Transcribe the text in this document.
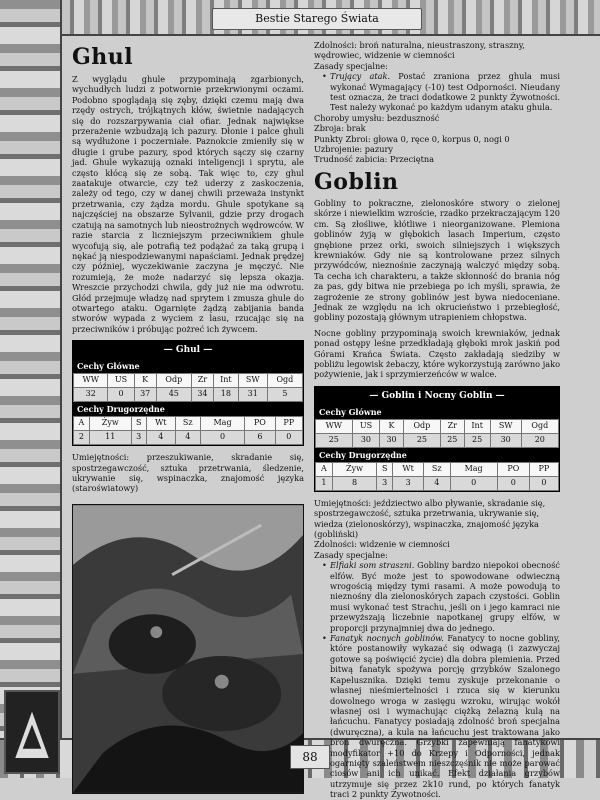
Bestie Starego Świata
Ghul

Z wyglądu ghule przypominają zgarbionych, wychudłych ludzi z potwornie przekrwionymi oczami. Podobno spoglądają się zęby, dzięki czemu mają dwa rzędy ostrych, trójkątnych kłów, świetnie nadających się do rozszarpywania ciał ofiar. Jednak najwiękse przerażenie wzbudzają ich pazury. Dłonie i palce ghuli są wydłużone i poczerniałe. Paznokcie zmieniły się w długie i grube pazury, spod których sączy się czarny jad. Ghule wykazują oznaki inteligencji i sprytu, ale często kłócą się ze sobą. Tak więc to, czy ghul zaatakuje otwarcie, czy też uderzy z zaskoczenia, zależy od tego, czy w danej chwili przeważa instynkt przetrwania, czy żądza mordu. Ghule spotykane są najczęściej na obszarze Sylvanii, gdzie przy drogach czatują na samotnych lub nieostrożnych wędrowców. W razie starcia z liczniejszym przeciwnikiem ghule wycofują się, ale potrafią też podążać za taką grupą i nękać ją niespodziewanymi napaściami. Jednak prędzej czy później, wyczekiwanie zaczyna je męczyć. Nie rozumieją, że może nadarzyć się lepsza okazja. Wreszcie przychodzi chwila, gdy już nie ma odwrotu. Głód przejmuje władzę nad sprytem i zmusza ghule do otwartego ataku. Ogarnięte żądzą zabijania banda stworów wypada z wyciem z lasu, rzucając się na przeciwników i próbując pożreć ich żywcem.

— Ghul —
Cechy Główne
WW	US	K	Odp	Zr	Int	SW	Ogd
32	0	37	45	34	18	31	5
Cechy Drugorzędne
A	Żyw	S	Wt	Sz	Mag	PO	PP
2	11	3	4	4	0	6	0

Umiejętności: przeszukiwanie, skradanie się, spostrzegawczość, sztuka przetrwania, śledzenie, ukrywanie się, wspinaczka, znajomość języka (staroświatowy)

Zdolności: broń naturalna, nieustraszony, straszny, wędrowiec, widzenie w ciemności
Zasady specjalne:
• Trujący atak. Postać zraniona przez ghula musi wykonać Wymagający (-10) test Odporności. Nieudany test oznacza, że traci dodatkowe 2 punkty Żywotności. Test należy wykonać po każdym udanym ataku ghula.
Choroby umysłu: bezduszność
Zbroja: brak
Punkty Zbroi: głowa 0, ręce 0, korpus 0, nogi 0
Uzbrojenie: pazury
Trudność zabicia: Przeciętna
Goblin

Gobliny to pokraczne, zielonoskóre stwory o zielonej skórze i niewielkim wzroście, rzadko przekraczającym 120 cm. Są złośliwe, kłótliwe i nieorganizowane. Plemiona goblinów żyją w głębokich lasach Imperium, często gnębione przez orki, swoich silniejszych i większych krewniaków. Gdy nie są kontrolowane przez silnych przywódców, nieznośnie zaczynają walczyć między sobą. Ta cecha ich charakteru, a także skłonność do brania nóg za pas, gdy bitwa nie przebiega po ich myśli, sprawia, że zagrożenie ze strony goblinów jest bywa niedoceniane. Jednak ze względu na ich okrucieństwo i przebiegłość, gobliny pozostają głównym utrapieniem chłopstwa.

Nocne gobliny przypominają swoich krewniaków, jednak ponad ostępy leśne przedkładają głęboki mrok jaskiń pod Górami Krańca Świata. Często zakładają siedziby w pobliżu legowisk żebaczy, które wykorzystują zarówno jako pożywienie, jak i sprzymierzeńców w walce.

— Goblin i Nocny Goblin —
Cechy Główne
WW	US	K	Odp	Zr	Int	SW	Ogd
25	30	30	25	25	25	30	20
Cechy Drugorzędne
A	Żyw	S	Wt	Sz	Mag	PO	PP
1	8	3	3	4	0	0	0
Umiejętności: jeździectwo albo pływanie, skradanie się, spostrzegawczość, sztuka przetrwania, ukrywanie się, wiedza (zielonoskórzy), wspinaczka, znajomość języka (gobliński)
Zdolności: widzenie w ciemności
Zasady specjalne:
• Elfiaki som straszni. Gobliny bardzo niepokoi obecność elfów. Być może jest to spowodowane odwieczną wrogością między tymi rasami. A może powodują to nieznośny dla zielonoskórych zapach czystości. Goblin musi wykonać test Strachu, jeśli on i jego kamraci nie przewyższają liczebnie napotkanej grupy elfów, w proporcji przynajmniej dwa do jednego.
• Fanatyk nocnych goblinów. Fanatycy to nocne gobliny, które postanowiły wykazać się odwagą (i zazwyczaj gotowe są poświęcić życie) dla dobra plemienia. Przed bitwą fanatyk spożywa porcję grzybków Szalonego Kapelusznika. Dzięki temu zyskuje przekonanie o własnej nieśmiertelności i rzuca się w kierunku dowolnego wroga w zasięgu wzroku, wirując wokół własnej osi i wymachując ciężką żelazną kulą na łańcuchu. Fanatycy posiadają zdolność broń specjalna (dwuręczna), a kula na łańcuchu jest traktowana jako broń dwuręczna. Grzybki zapewniają fanatykowi modyfikator +10 do Krzepy i Odporności, jednak ogarnięty szaleństwem nieszczęśnik nie może parować ciosów ani ich unikać. Efekt działania grzybów utrzymuje się przez 2k10 rund, po których fanatyk traci 2 punkty Żywotności.
88
